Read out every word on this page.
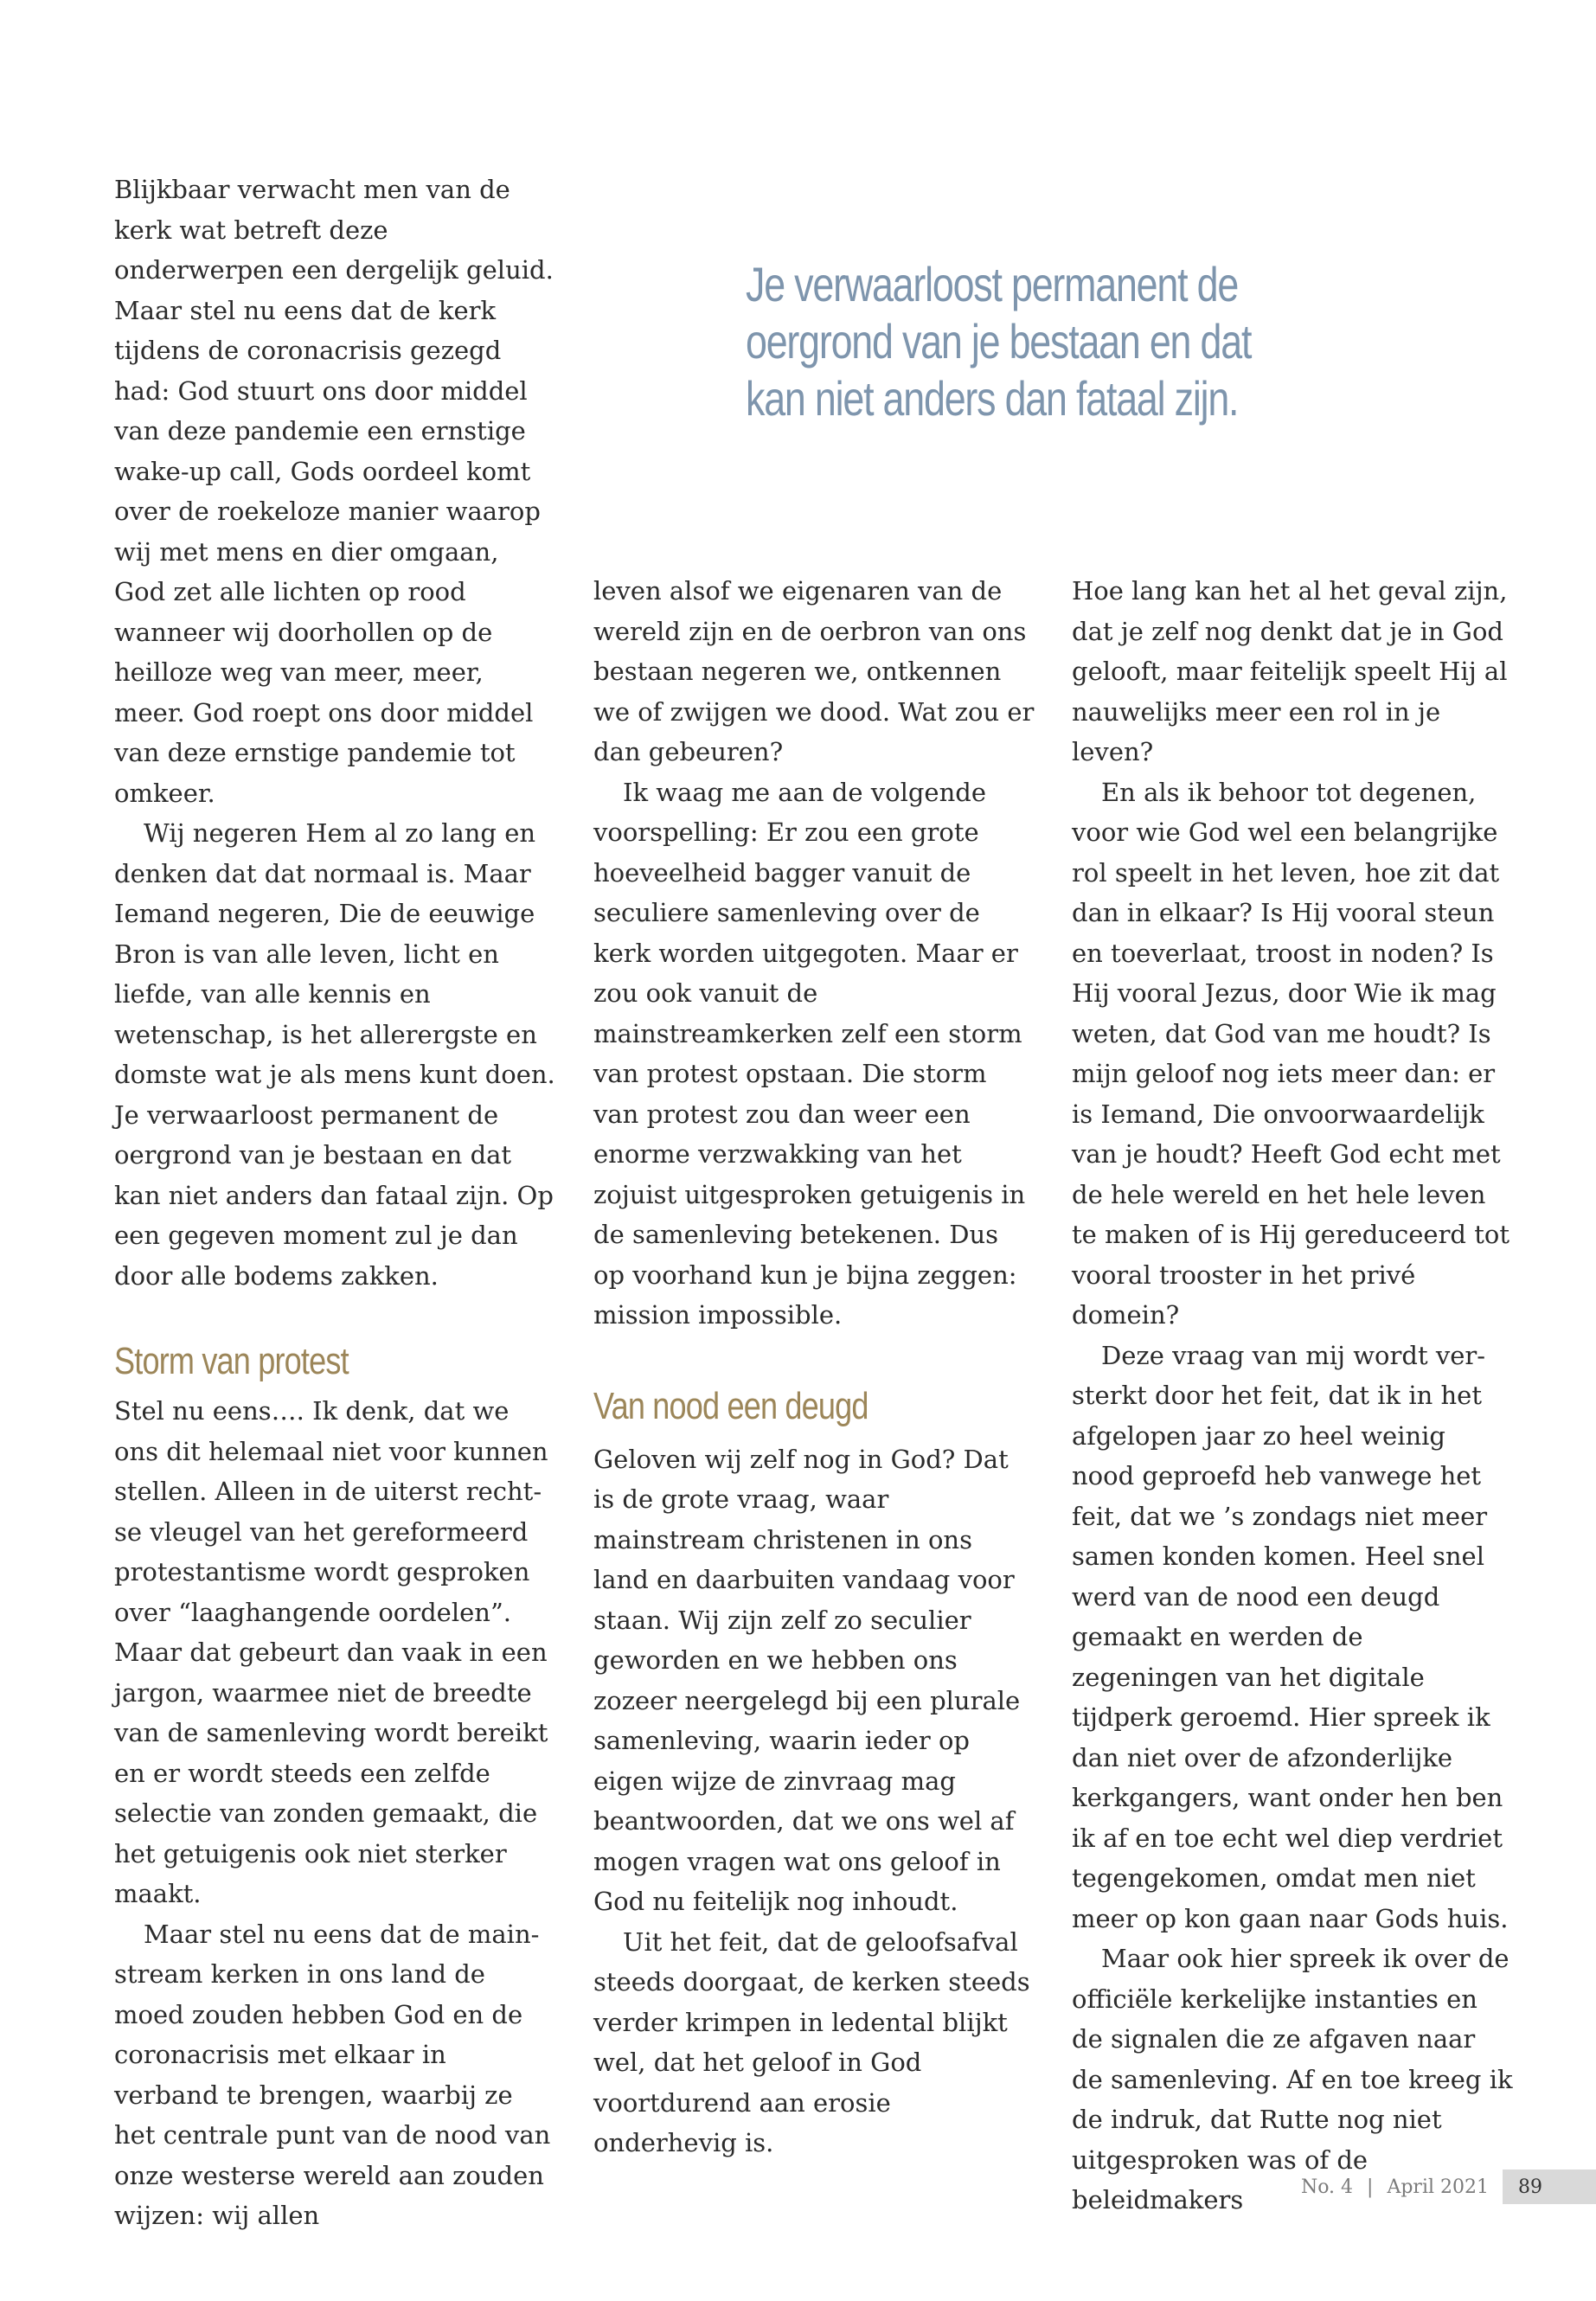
Je verwaarloost permanent de
oergrond van je bestaan en dat
kan niet anders dan fataal zijn.

Blijkbaar verwacht men van de kerk wat betreft deze onderwerpen een dergelijk geluid. Maar stel nu eens dat de kerk tijdens de coronacrisis gezegd had: God stuurt ons door middel van deze pandemie een ernstige wake-up call, Gods oordeel komt over de roekeloze manier waarop wij met mens en dier omgaan, God zet alle lichten op rood wanneer wij doorhollen op de heilloze weg van meer, meer, meer. God roept ons door middel van deze ernstige pandemie tot omkeer.

Wij negeren Hem al zo lang en denken dat dat normaal is. Maar Iemand negeren, Die de eeuwige Bron is van alle leven, licht en liefde, van alle kennis en wetenschap, is het allerergste en domste wat je als mens kunt doen. Je verwaarloost permanent de oergrond van je bestaan en dat kan niet anders dan fataal zijn. Op een gegeven moment zul je dan door alle bodems zakken.

Storm van protest

Stel nu eens…. Ik denk, dat we ons dit helemaal niet voor kunnen stellen. Alleen in de uiterst rechtse vleugel van het gereformeerd protestantisme wordt gesproken over “laaghangende oordelen”. Maar dat gebeurt dan vaak in een jargon, waarmee niet de breedte van de samenleving wordt bereikt en er wordt steeds een zelfde selectie van zonden gemaakt, die het getuigenis ook niet sterker maakt.

Maar stel nu eens dat de mainstream kerken in ons land de moed zouden hebben God en de coronacrisis met elkaar in verband te brengen, waarbij ze het centrale punt van de nood van onze westerse wereld aan zouden wijzen: wij allen

leven alsof we eigenaren van de wereld zijn en de oerbron van ons bestaan negeren we, ontkennen we of zwijgen we dood. Wat zou er dan gebeuren?

Ik waag me aan de volgende voorspelling: Er zou een grote hoeveelheid bagger vanuit de seculiere samenleving over de kerk worden uitgegoten. Maar er zou ook vanuit de mainstreamkerken zelf een storm van protest opstaan. Die storm van protest zou dan weer een enorme verzwakking van het zojuist uitgesproken getuigenis in de samenleving betekenen. Dus op voorhand kun je bijna zeggen: mission impossible.

Van nood een deugd

Geloven wij zelf nog in God? Dat is de grote vraag, waar mainstream christenen in ons land en daarbuiten vandaag voor staan. Wij zijn zelf zo seculier geworden en we hebben ons zozeer neergelegd bij een plurale samenleving, waarin ieder op eigen wijze de zinvraag mag beantwoorden, dat we ons wel af mogen vragen wat ons geloof in God nu feitelijk nog inhoudt.

Uit het feit, dat de geloofsafval steeds doorgaat, de kerken steeds verder krimpen in ledental blijkt wel, dat het geloof in God voortdurend aan erosie onderhevig is.

Hoe lang kan het al het geval zijn, dat je zelf nog denkt dat je in God gelooft, maar feitelijk speelt Hij al nauwelijks meer een rol in je leven?

En als ik behoor tot degenen, voor wie God wel een belangrijke rol speelt in het leven, hoe zit dat dan in elkaar? Is Hij vooral steun en toeverlaat, troost in noden? Is Hij vooral Jezus, door Wie ik mag weten, dat God van me houdt? Is mijn geloof nog iets meer dan: er is Iemand, Die onvoorwaardelijk van je houdt? Heeft God echt met de hele wereld en het hele leven te maken of is Hij gereduceerd tot vooral trooster in het privé domein?

Deze vraag van mij wordt versterkt door het feit, dat ik in het afgelopen jaar zo heel weinig nood geproefd heb vanwege het feit, dat we ’s zondags niet meer samen konden komen. Heel snel werd van de nood een deugd gemaakt en werden de zegeningen van het digitale tijdperk geroemd. Hier spreek ik dan niet over de afzonderlijke kerkgangers, want onder hen ben ik af en toe echt wel diep verdriet tegengekomen, omdat men niet meer op kon gaan naar Gods huis.

Maar ook hier spreek ik over de officiële kerkelijke instanties en de signalen die ze afgaven naar de samenleving. Af en toe kreeg ik de indruk, dat Rutte nog niet uitgesproken was of de beleidmakers	No. 4 | April 2021	89
